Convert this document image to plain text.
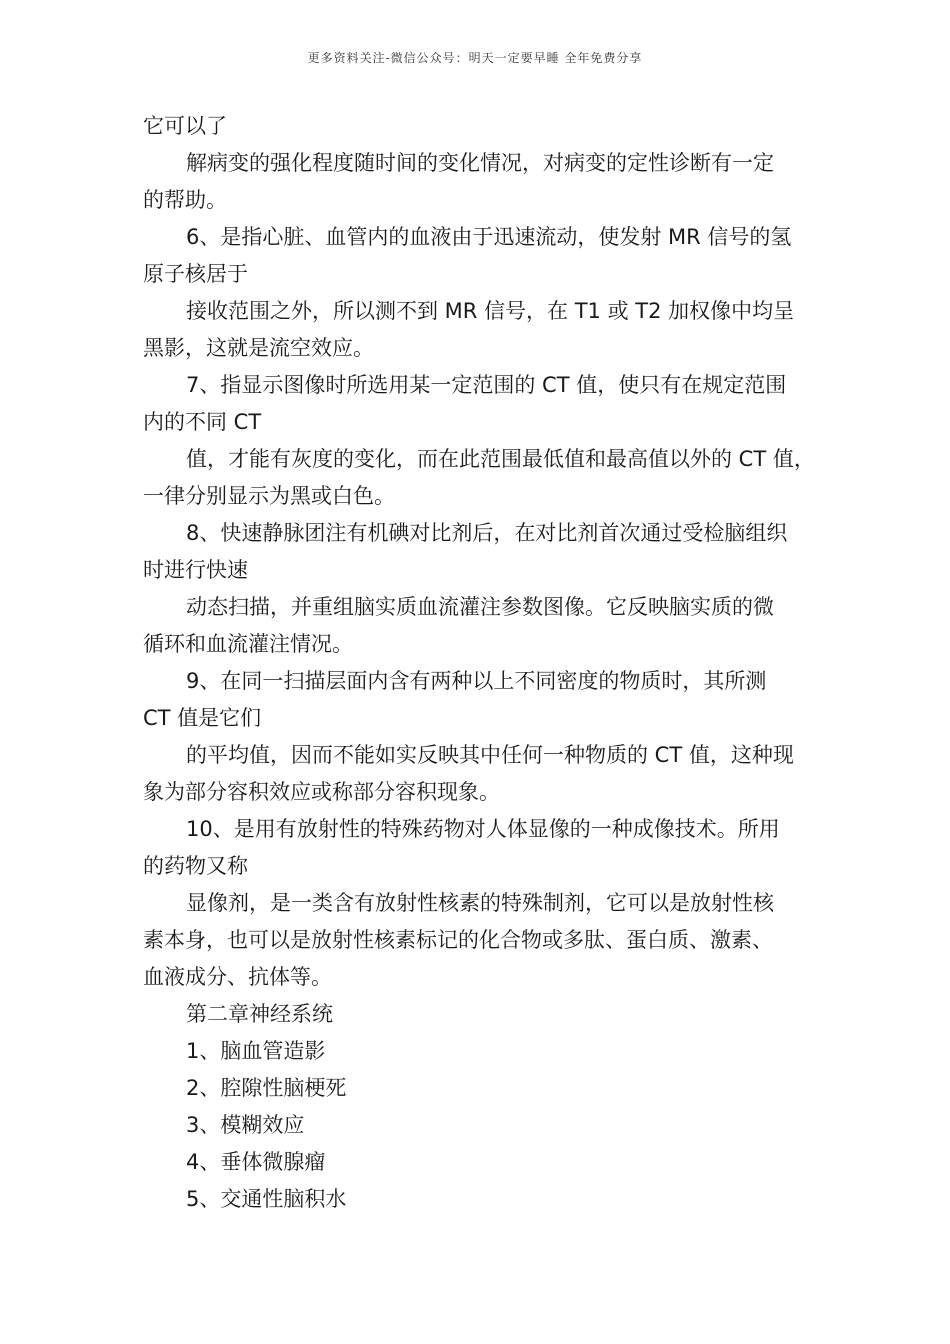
更多资料关注-微信公众号：明天一定要早睡 全年免费分享
它可以了
解病变的强化程度随时间的变化情况，对病变的定性诊断有一定
的帮助。
6、是指心脏、血管内的血液由于迅速流动，使发射 MR 信号的氢
原子核居于
接收范围之外，所以测不到 MR 信号，在 T1 或 T2 加权像中均呈
黑影，这就是流空效应。
7、指显示图像时所选用某一定范围的 CT 值，使只有在规定范围
内的不同 CT
值，才能有灰度的变化，而在此范围最低值和最高值以外的 CT 值，
一律分别显示为黑或白色。
8、快速静脉团注有机碘对比剂后，在对比剂首次通过受检脑组织
时进行快速
动态扫描，并重组脑实质血流灌注参数图像。它反映脑实质的微
循环和血流灌注情况。
9、在同一扫描层面内含有两种以上不同密度的物质时，其所测
CT 值是它们
的平均值，因而不能如实反映其中任何一种物质的 CT 值，这种现
象为部分容积效应或称部分容积现象。
10、是用有放射性的特殊药物对人体显像的一种成像技术。所用
的药物又称
显像剂，是一类含有放射性核素的特殊制剂，它可以是放射性核
素本身，也可以是放射性核素标记的化合物或多肽、蛋白质、激素、
血液成分、抗体等。
第二章神经系统
1、脑血管造影
2、腔隙性脑梗死
3、模糊效应
4、垂体微腺瘤
5、交通性脑积水
